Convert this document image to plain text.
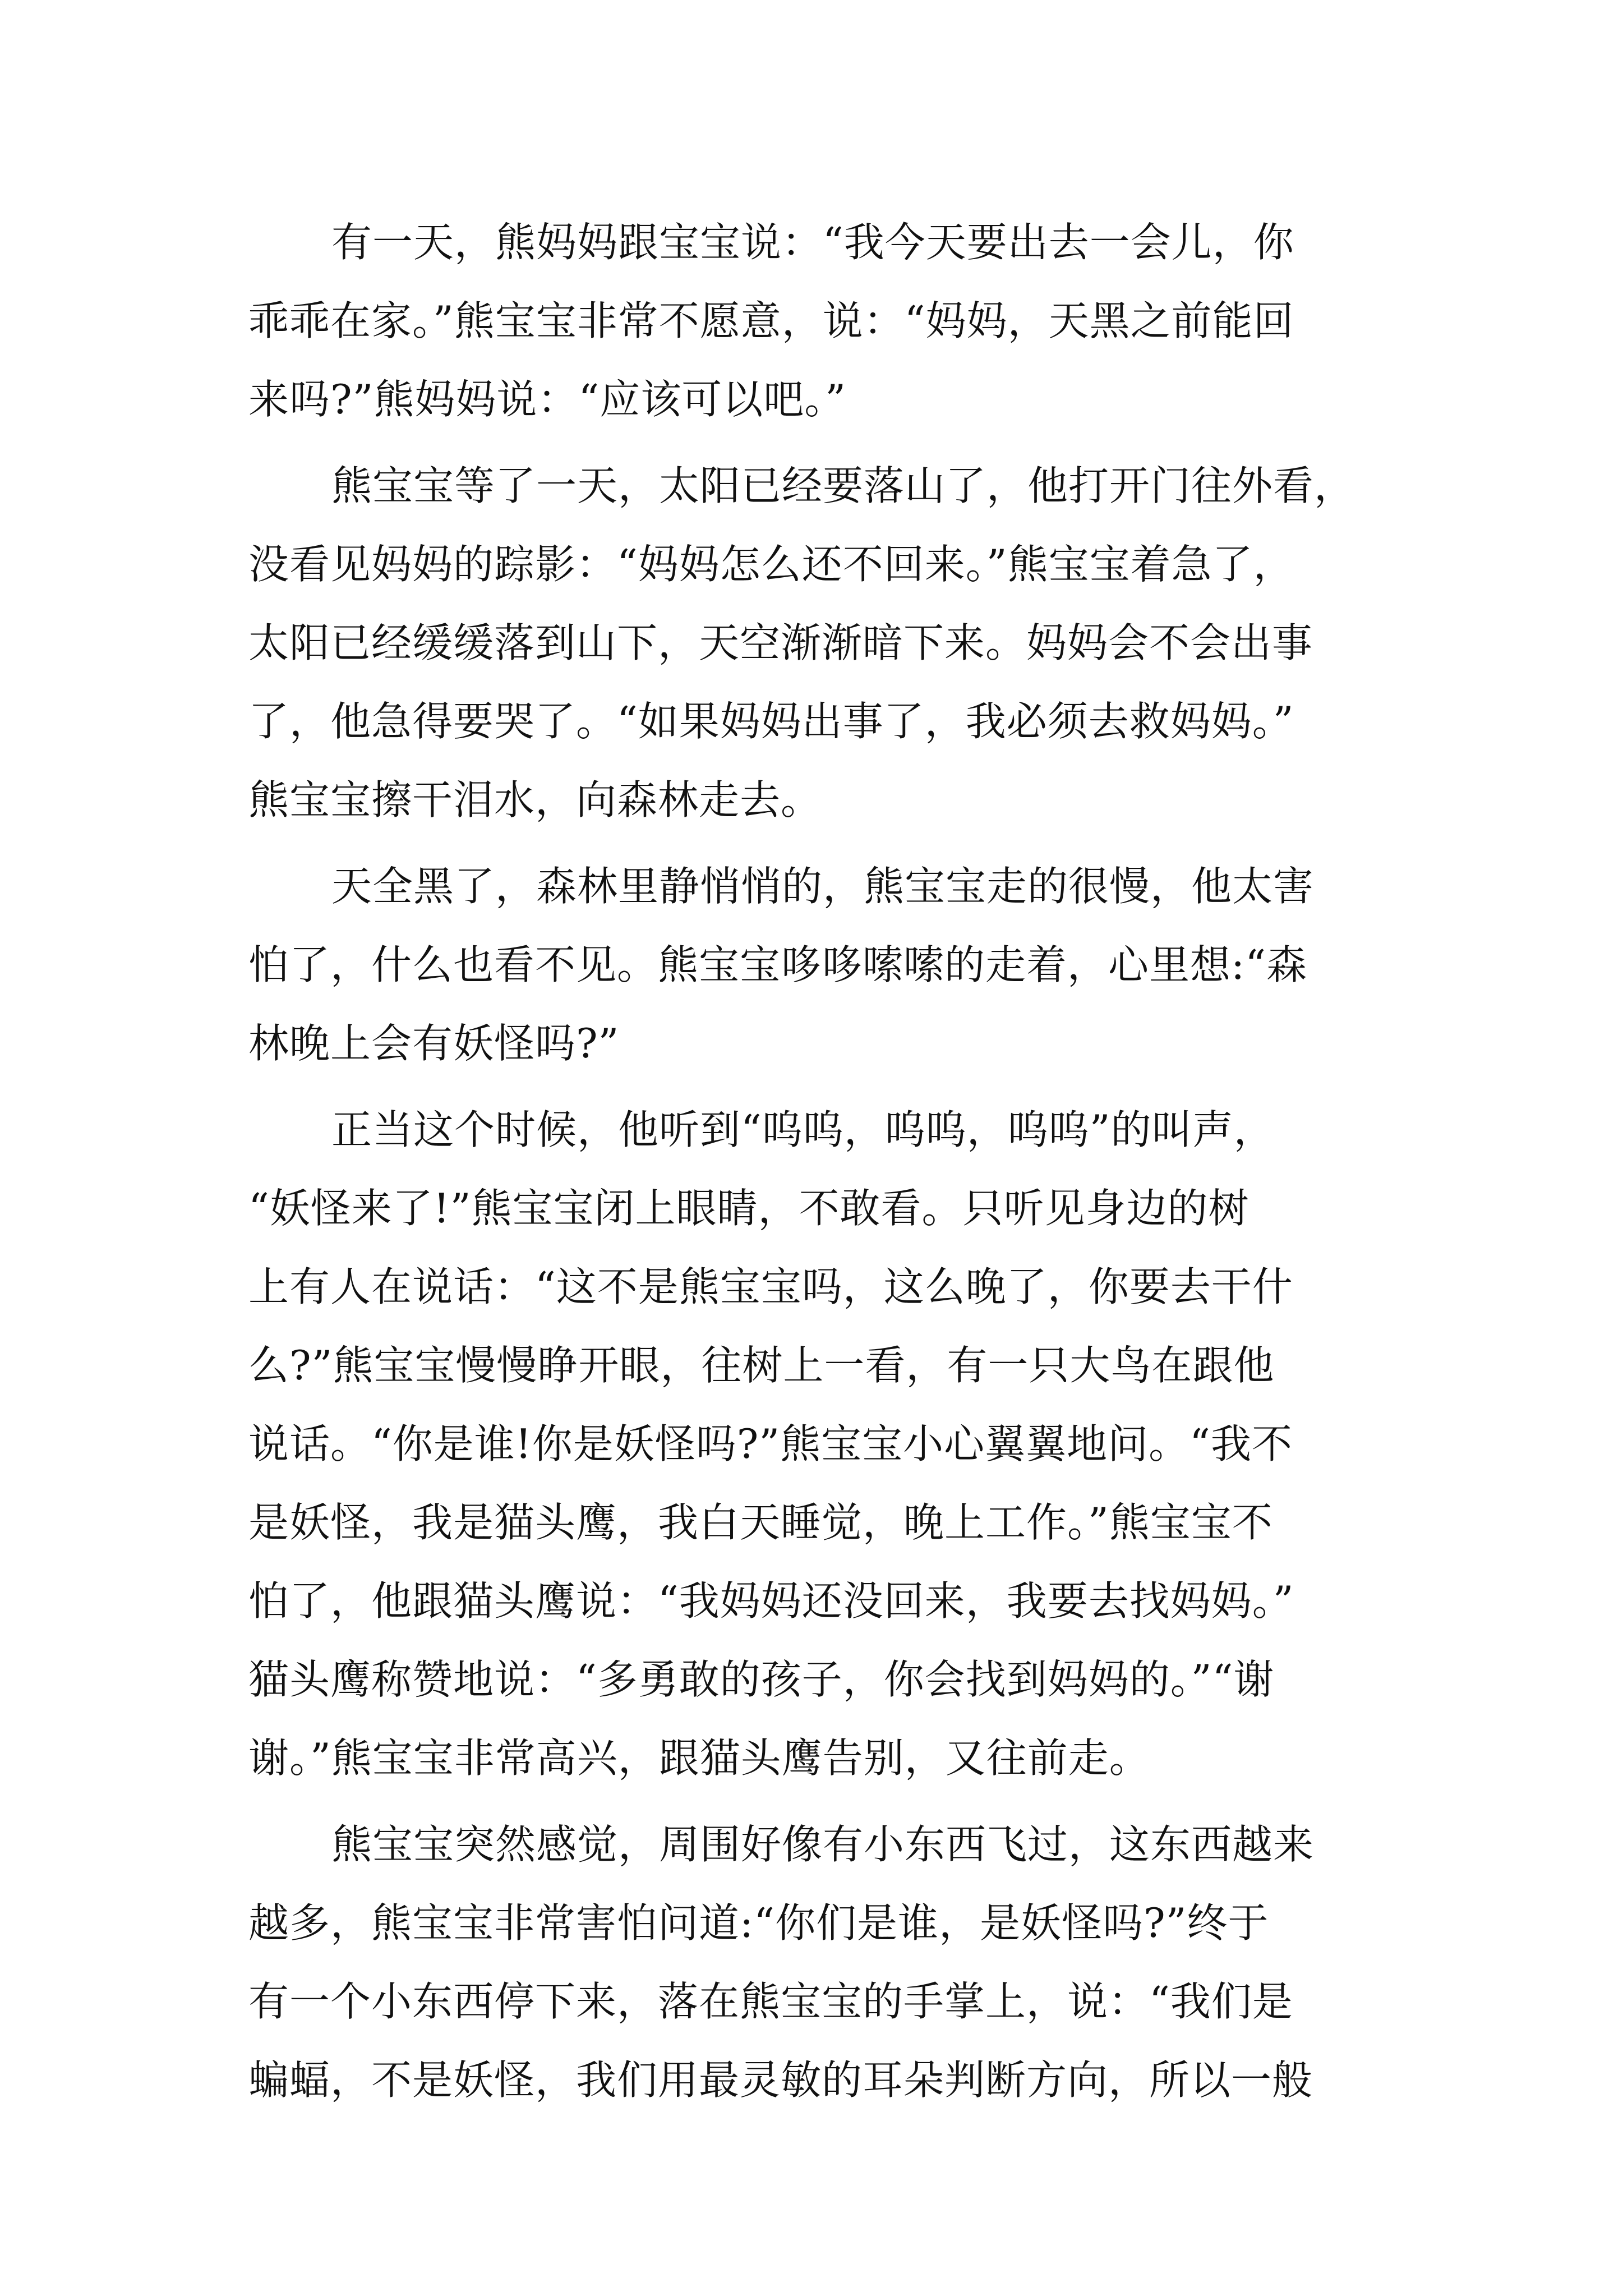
有一天，熊妈妈跟宝宝说：“我今天要出去一会儿，你
乖乖在家。”熊宝宝非常不愿意，说：“妈妈，天黑之前能回
来吗?”熊妈妈说：“应该可以吧。”
熊宝宝等了一天，太阳已经要落山了，他打开门往外看，
没看见妈妈的踪影：“妈妈怎么还不回来。”熊宝宝着急了，
太阳已经缓缓落到山下，天空渐渐暗下来。妈妈会不会出事
了，他急得要哭了。“如果妈妈出事了，我必须去救妈妈。”
熊宝宝擦干泪水，向森林走去。
天全黑了，森林里静悄悄的，熊宝宝走的很慢，他太害
怕了，什么也看不见。熊宝宝哆哆嗦嗦的走着，心里想:“森
林晚上会有妖怪吗?”
正当这个时候，他听到“呜呜，呜呜，呜呜”的叫声，
“妖怪来了!”熊宝宝闭上眼睛，不敢看。只听见身边的树
上有人在说话：“这不是熊宝宝吗，这么晚了，你要去干什
么?”熊宝宝慢慢睁开眼，往树上一看，有一只大鸟在跟他
说话。“你是谁!你是妖怪吗?”熊宝宝小心翼翼地问。“我不
是妖怪，我是猫头鹰，我白天睡觉，晚上工作。”熊宝宝不
怕了，他跟猫头鹰说：“我妈妈还没回来，我要去找妈妈。”
猫头鹰称赞地说：“多勇敢的孩子，你会找到妈妈的。”“谢
谢。”熊宝宝非常高兴，跟猫头鹰告别，又往前走。
熊宝宝突然感觉，周围好像有小东西飞过，这东西越来
越多，熊宝宝非常害怕问道:“你们是谁，是妖怪吗?”终于
有一个小东西停下来，落在熊宝宝的手掌上，说：“我们是
蝙蝠，不是妖怪，我们用最灵敏的耳朵判断方向，所以一般
